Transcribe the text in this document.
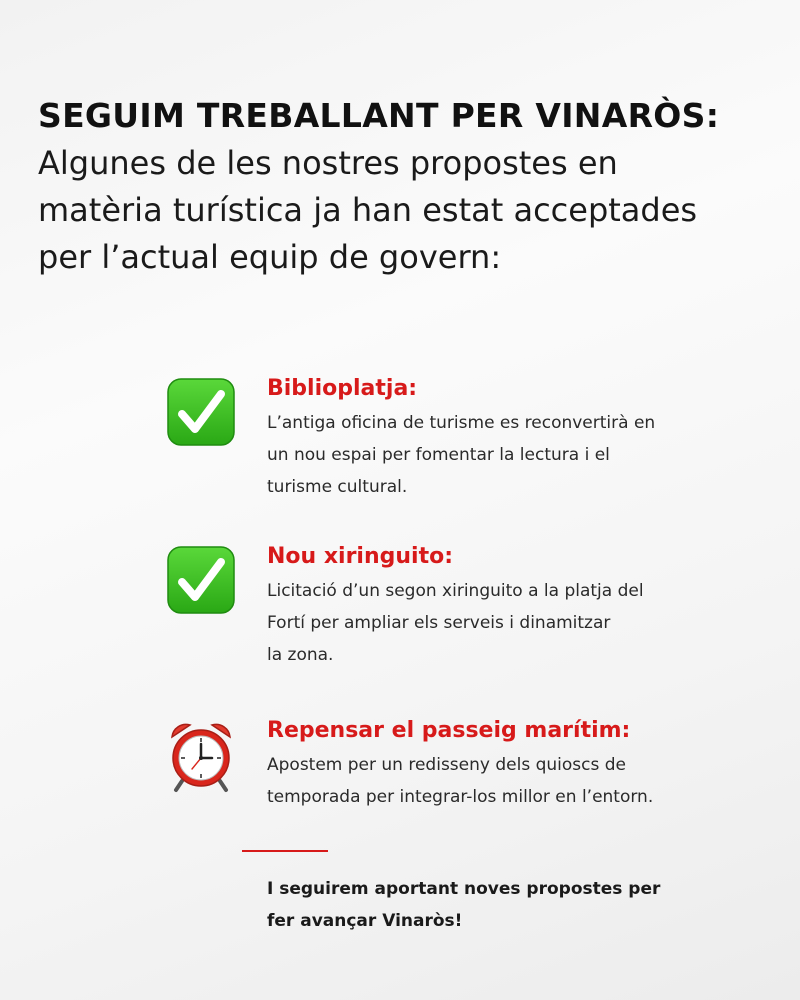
SEGUIM TREBALLANT PER VINARÒS:
Algunes de les nostres propostes en
matèria turística ja han estat acceptades
per l’actual equip de govern:
Biblioplatja:
L’antiga oficina de turisme es reconvertirà en
un nou espai per fomentar la lectura i el
turisme cultural.
Nou xiringuito:
Licitació d’un segon xiringuito a la platja del
Fortí per ampliar els serveis i dinamitzar
la zona.
Repensar el passeig marítim:
Apostem per un redisseny dels quioscs de
temporada per integrar-los millor en l’entorn.
I seguirem aportant noves propostes per
fer avançar Vinaròs!
